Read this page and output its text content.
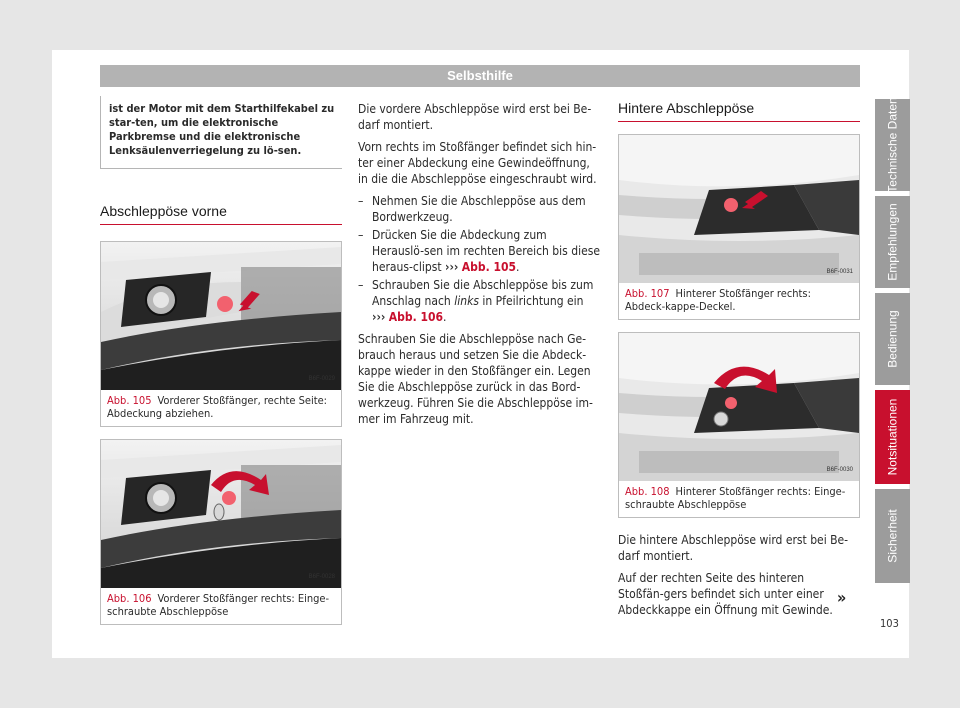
Selbsthilfe
ist der Motor mit dem Starthilfekabel zu star-ten, um die elektronische Parkbremse und die elektronische Lenksäulenverriegelung zu lö-sen.
Abschleppöse vorne
B6F-0029
Abb. 105 Vorderer Stoßfänger, rechte Seite: Abdeckung abziehen.
B6F-0028
Abb. 106 Vorderer Stoßfänger rechts: Einge-schraubte Abschleppöse

Die vordere Abschleppöse wird erst bei Be-darf montiert.

Vorn rechts im Stoßfänger befindet sich hin-ter einer Abdeckung eine Gewindeöffnung, in die die Abschleppöse eingeschraubt wird.

– Nehmen Sie die Abschleppöse aus dem Bordwerkzeug.
– Drücken Sie die Abdeckung zum Herauslö-sen im rechten Bereich bis diese heraus-clipst ››› Abb. 105.
– Schrauben Sie die Abschleppöse bis zum Anschlag nach links in Pfeilrichtung ein ››› Abb. 106.

Schrauben Sie die Abschleppöse nach Ge-brauch heraus und setzen Sie die Abdeck-kappe wieder in den Stoßfänger ein. Legen Sie die Abschleppöse zurück in das Bord-werkzeug. Führen Sie die Abschleppöse im-mer im Fahrzeug mit.

Hintere Abschleppöse
B6F-0031
Abb. 107 Hinterer Stoßfänger rechts: Abdeck-kappe-Deckel.
B6F-0030
Abb. 108 Hinterer Stoßfänger rechts: Einge-schraubte Abschleppöse

Die hintere Abschleppöse wird erst bei Be-darf montiert.

Auf der rechten Seite des hinteren Stoßfän-gers befindet sich unter einer Abdeckkappe ein Öffnung mit Gewinde.

»
Technische Daten
Empfehlungen
Bedienung
Notsituationen
Sicherheit
103
